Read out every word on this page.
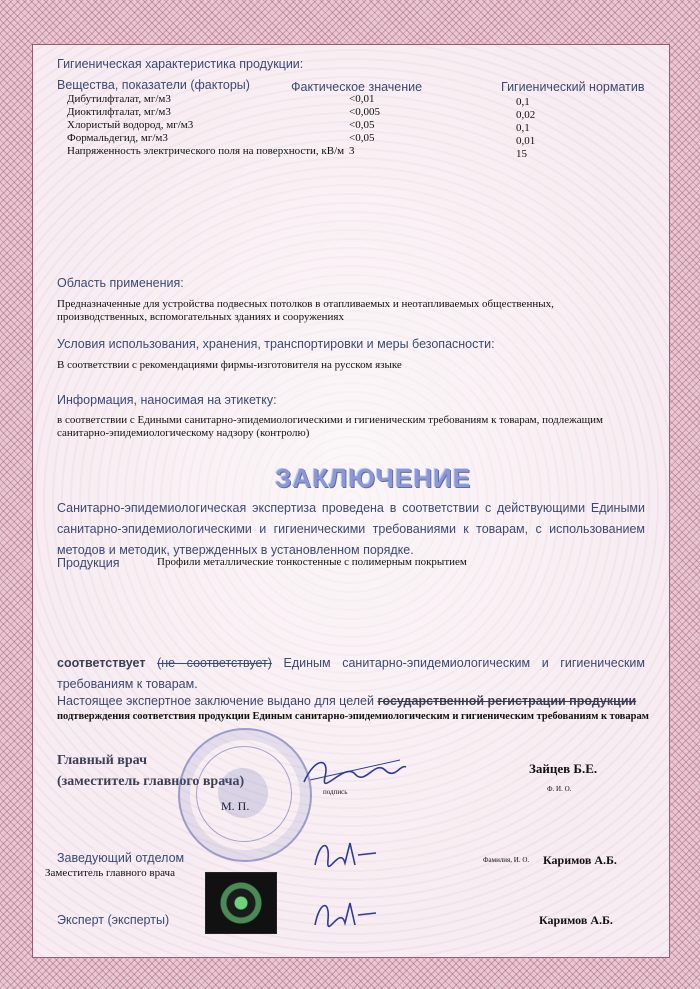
Гигиеническая характеристика продукции:
Вещества, показатели (факторы)	Фактическое значение	Гигиенический норматив
Дибутилфталат, мг/м3	<0,01	0,1
Диоктилфталат, мг/м3	<0,005	0,02
Хлористый водород, мг/м3	<0,05	0,1
Формальдегид, мг/м3	<0,05	0,01
Напряженность электрического поля на поверхности, кВ/м 3	15
Область применения:
Предназначенные для устройства подвесных потолков в отапливаемых и неотапливаемых общественных, производственных, вспомогательных зданиях и сооружениях
Условия использования, хранения, транспортировки и меры безопасности:
В соответствии с рекомендациями фирмы-изготовителя на русском языке
Информация, наносимая на этикетку:
в соответствии с Едиными санитарно-эпидемиологическими и гигиеническим требованиям к товарам, подлежащим санитарно-эпидемиологическому надзору (контролю)
ЗАКЛЮЧЕНИЕ
Санитарно-эпидемиологическая экспертиза проведена в соответствии с действующими Едиными санитарно-эпидемиологическими и гигиеническими требованиями к товарам, с использованием методов и методик, утвержденных в установленном порядке.
Продукция	Профили металлические тонкостенные с полимерным покрытием
соответствует (не соответствует) Единым санитарно-эпидемиологическим и гигиеническим требованиям к товарам.
Настоящее экспертное заключение выдано для целей государственной регистрации продукции
подтверждения соответствия продукции Единым санитарно-эпидемиологическим и гигиеническим требованиям к товарам
Главный врач
(заместитель главного врача)
М. П.
подпись
Зайцев Б.Е.
Ф. И. О.
Заведующий отделом
Заместитель главного врача
Фамилия, И. О. Каримов А.Б.
Эксперт (эксперты)	Каримов А.Б.
